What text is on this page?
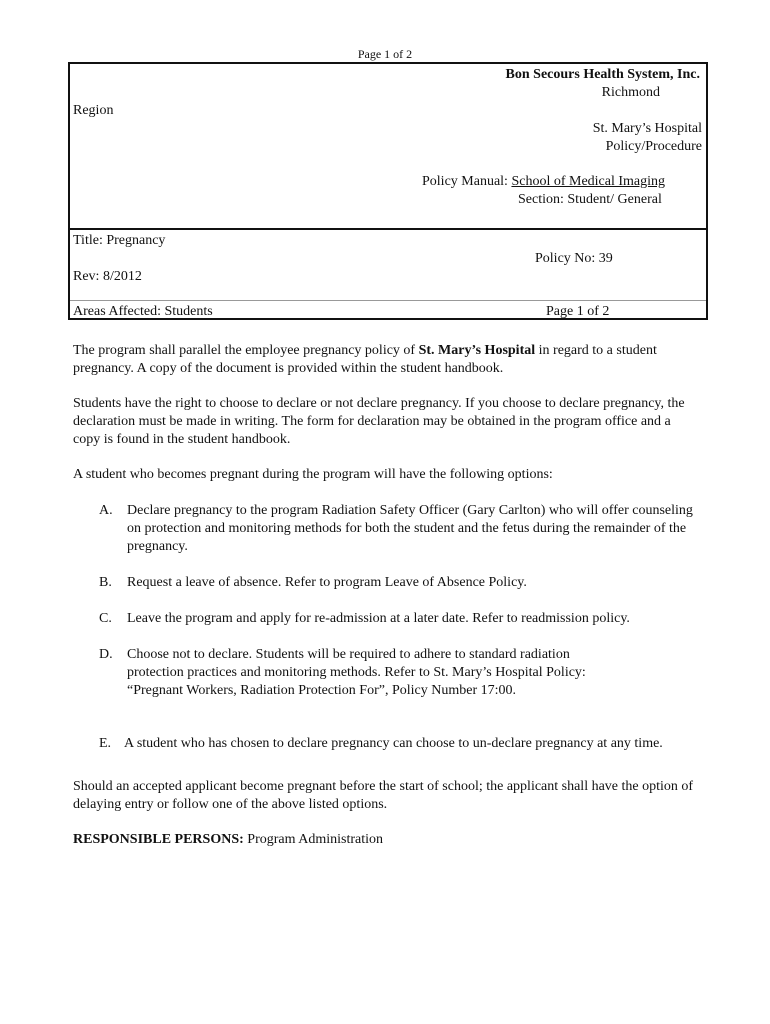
Page 1 of 2
Bon Secours Health System, Inc.
Richmond
Region
St. Mary’s Hospital
Policy/Procedure
Policy Manual: School of Medical Imaging
Section: Student/ General
Title: Pregnancy
Policy No: 39
Rev: 8/2012
Areas Affected: Students	Page 1 of 2
The program shall parallel the employee pregnancy policy of St. Mary’s Hospital in regard to a student pregnancy. A copy of the document is provided within the student handbook.
Students have the right to choose to declare or not declare pregnancy. If you choose to declare pregnancy, the declaration must be made in writing. The form for declaration may be obtained in the program office and a copy is found in the student handbook.
A student who becomes pregnant during the program will have the following options:
A. Declare pregnancy to the program Radiation Safety Officer (Gary Carlton) who will offer counseling on protection and monitoring methods for both the student and the fetus during the remainder of the pregnancy.
B. Request a leave of absence. Refer to program Leave of Absence Policy.
C. Leave the program and apply for re-admission at a later date. Refer to readmission policy.
D. Choose not to declare. Students will be required to adhere to standard radiation protection practices and monitoring methods. Refer to St. Mary’s Hospital Policy: “Pregnant Workers, Radiation Protection For”, Policy Number 17:00.
E. A student who has chosen to declare pregnancy can choose to un-declare pregnancy at any time.
Should an accepted applicant become pregnant before the start of school; the applicant shall have the option of delaying entry or follow one of the above listed options.
RESPONSIBLE PERSONS: Program Administration
